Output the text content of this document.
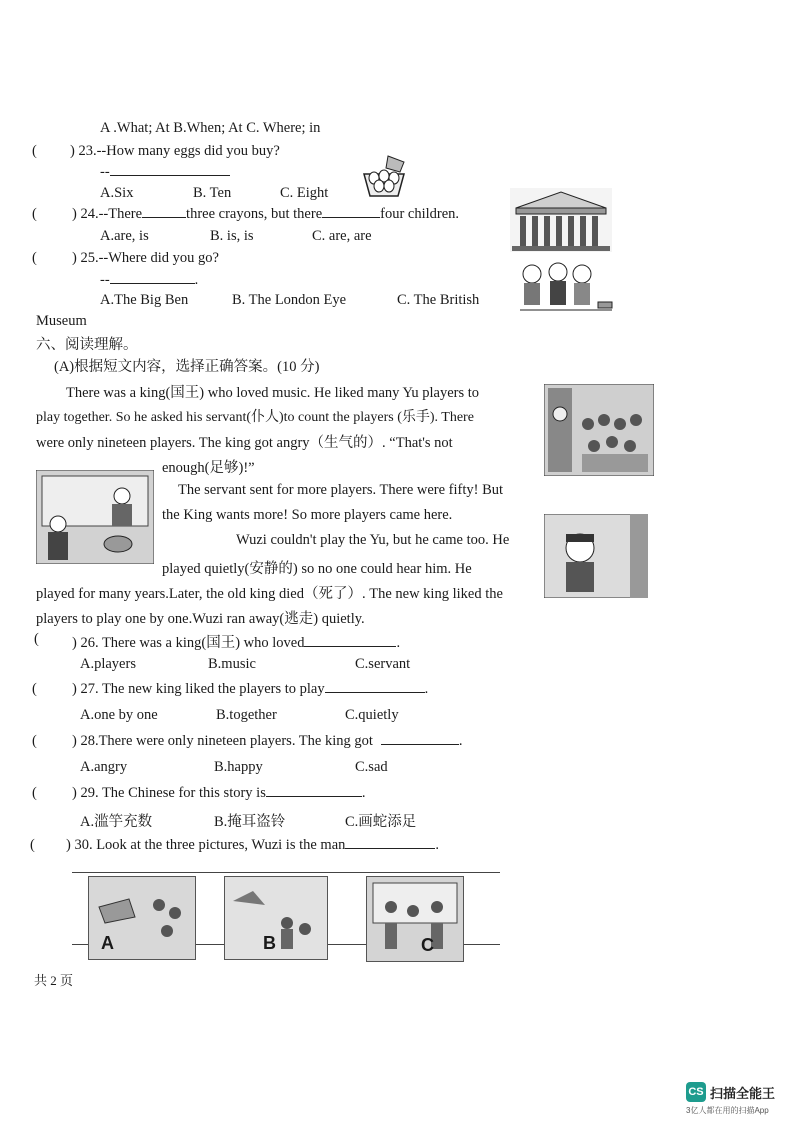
A .What; At B.When; At C. Where; in
( ) 23.--How many eggs did you buy?
--
A.Six	B. Ten	C. Eight
( ) 24.--There	three crayons, but there	four children.
A.are, is	B. is, is	C. are, are
( ) 25.--Where did you go?
--	.
A.The Big Ben	B. The London Eye	C. The British
Museum
六、阅读理解。
(A)根据短文内容，选择正确答案。(10 分)
There was a king(国王) who loved music. He liked many Yu players to
play together. So he asked his servant(仆人)to count the players (乐手). There
were only nineteen players. The king got angry（生气的）. “That's not
enough(足够)!”
The servant sent for more players. There were fifty! But
the King wants more! So more players came here.
Wuzi couldn't play the Yu, but he came too. He
played quietly(安静的) so no one could hear him. He
played for many years.Later, the old king died（死了）. The new king liked the
players to play one by one.Wuzi ran away(逃走) quietly.
( ) 26. There was a king(国王) who loved	.
A.players	B.music	C.servant
( ) 27. The new king liked the players to play	.
A.one by one	B.together	C.quietly
( ) 28.There were only nineteen players. The king got	.
A.angry	B.happy	C.sad
( ) 29. The Chinese for this story is	.
A.滥竽充数	B.掩耳盗铃	C.画蛇添足
( ) 30. Look at the three pictures, Wuzi is the man	.
A	B	C
共 2 页
CS 扫描全能王
3亿人都在用的扫描App
